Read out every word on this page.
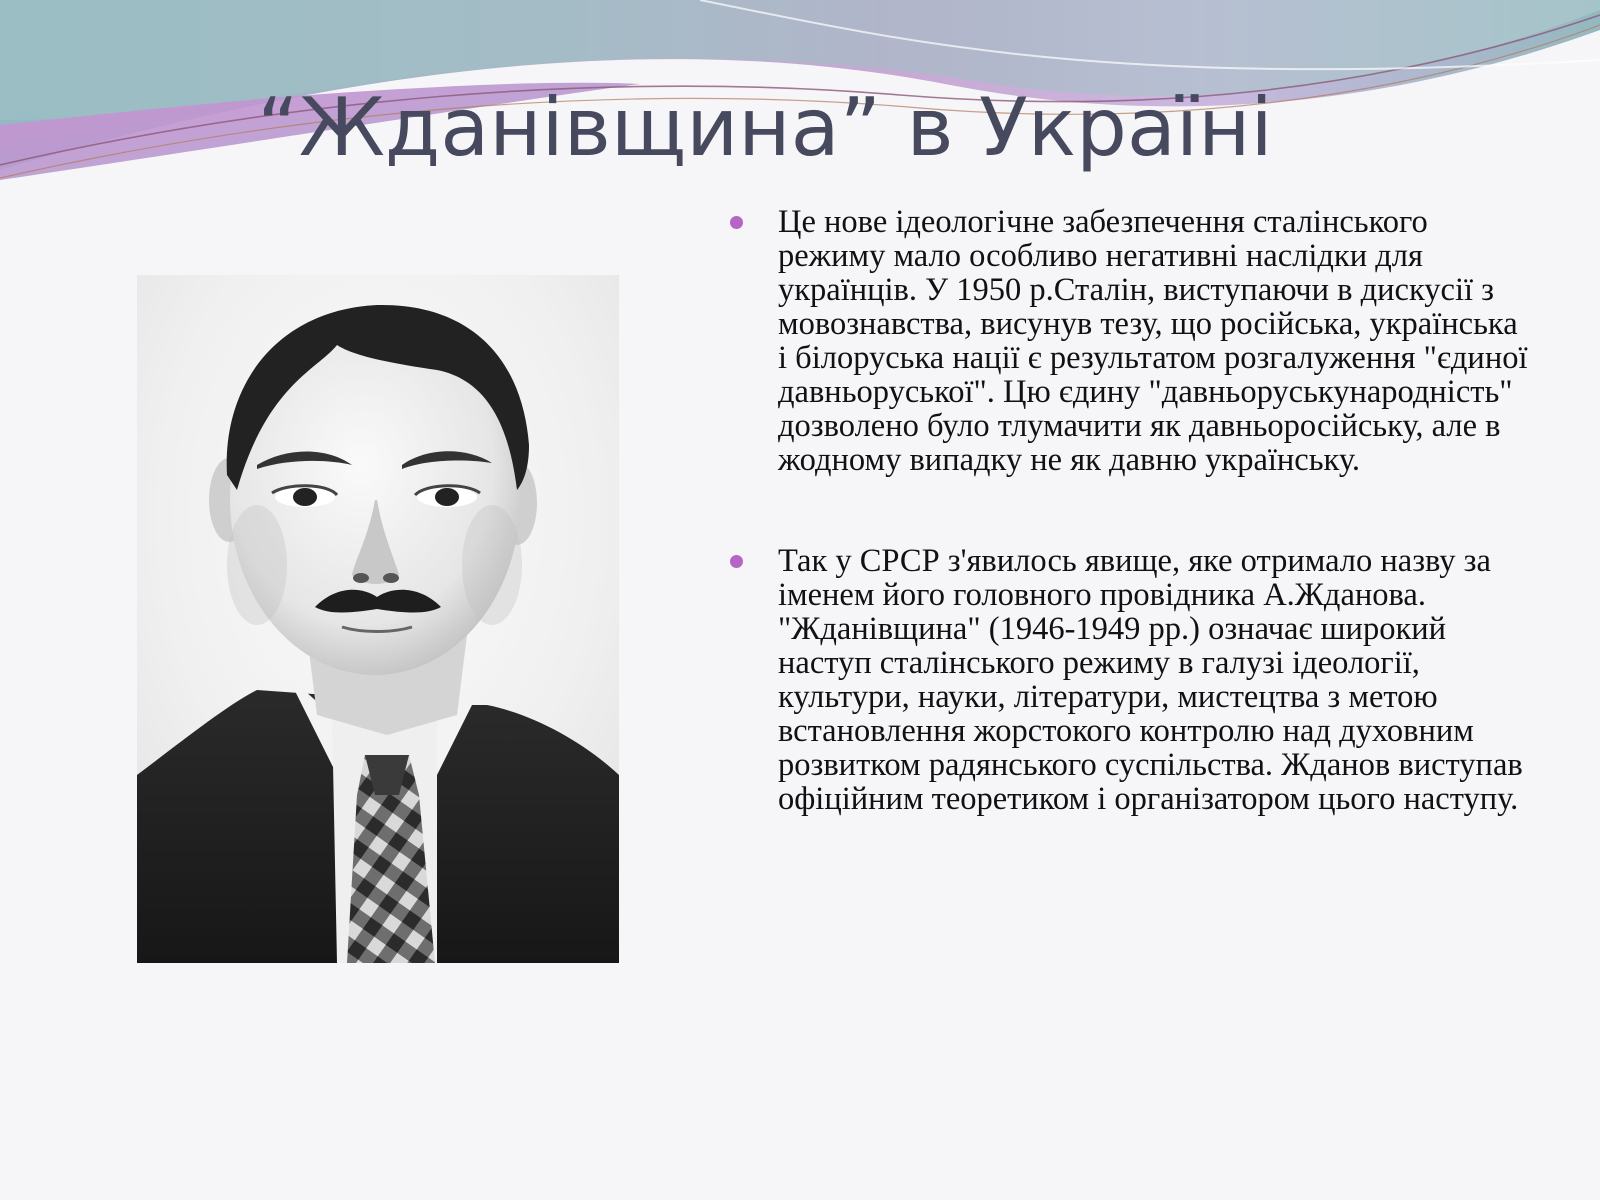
“Жданівщина” в Україні
Це нове ідеологічне забезпечення сталінського режиму мало особливо негативні наслідки для українців. У 1950 р.Сталін, виступаючи в дискусії з мовознавства, висунув тезу, що російська, українська і білоруська нації є результатом розгалуження "єдиної давньоруської". Цю єдину "давньоруськународність" дозволено було тлумачити як давньоросійську, але в жодному випадку не як давню українську.
Так у СРСР з'явилось явище, яке отримало назву за іменем його головного провідника А.Жданова. "Жданівщина" (1946-1949 рр.) означає широкий наступ сталінського режиму в галузі ідеології, культури, науки, літератури, мистецтва з метою встановлення жорстокого контролю над духовним розвитком радянського суспільства. Жданов виступав офіційним теоретиком і організатором цього наступу.
